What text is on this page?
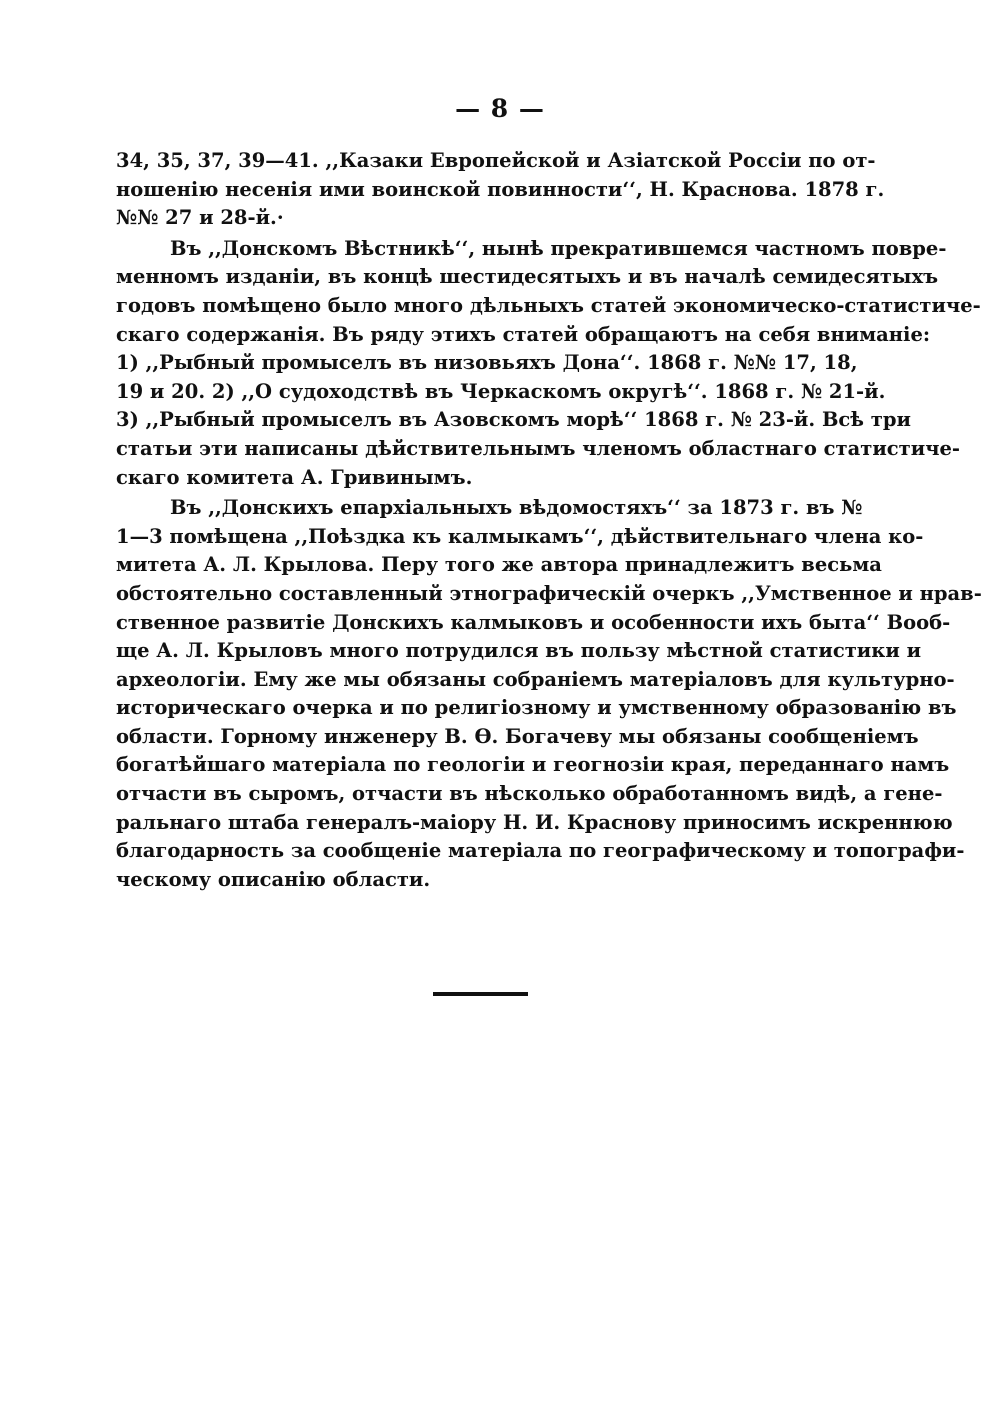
— 8 —
34, 35, 37, 39—41. ,,Казаки Европейской и Азіатской Россіи по от-
ношенію несенія ими воинской повинности‘‘, Н. Краснова. 1878 г.
№№ 27 и 28-й.·
Въ ,,Донскомъ Вѣстникѣ‘‘, нынѣ прекратившемся частномъ повре-
менномъ изданіи, въ концѣ шестидесятыхъ и въ началѣ семидесятыхъ
годовъ помѣщено было много дѣльныхъ статей экономическо-статистиче-
скаго содержанія. Въ ряду этихъ статей обращаютъ на себя вниманіе:
1) ,,Рыбный промыселъ въ низовьяхъ Дона‘‘. 1868 г. №№ 17, 18,
19 и 20. 2) ,,О судоходствѣ въ Черкаскомъ округѣ‘‘. 1868 г. № 21-й.
3) ,,Рыбный промыселъ въ Азовскомъ морѣ‘‘ 1868 г. № 23-й. Всѣ три
статьи эти написаны дѣйствительнымъ членомъ областнаго статистиче-
скаго комитета А. Гривинымъ.
Въ ,,Донскихъ епархіальныхъ вѣдомостяхъ‘‘ за 1873 г. въ №
1—3 помѣщена ,,Поѣздка къ калмыкамъ‘‘, дѣйствительнаго члена ко-
митета А. Л. Крылова. Перу того же автора принадлежитъ весьма
обстоятельно составленный этнографическій очеркъ ,,Умственное и нрав-
ственное развитіе Донскихъ калмыковъ и особенности ихъ быта‘‘ Вооб-
ще А. Л. Крыловъ много потрудился въ пользу мѣстной статистики и
археологіи. Ему же мы обязаны собраніемъ матеріаловъ для культурно-
историческаго очерка и по религіозному и умственному образованію въ
области. Горному инженеру В. Ѳ. Богачеву мы обязаны сообщеніемъ
богатѣйшаго матеріала по геологіи и геогнозіи края, переданнаго намъ
отчасти въ сыромъ, отчасти въ нѣсколько обработанномъ видѣ, а гене-
ральнаго штаба генералъ-маіору Н. И. Краснову приносимъ искреннюю
благодарность за сообщеніе матеріала по географическому и топографи-
ческому описанію области.
